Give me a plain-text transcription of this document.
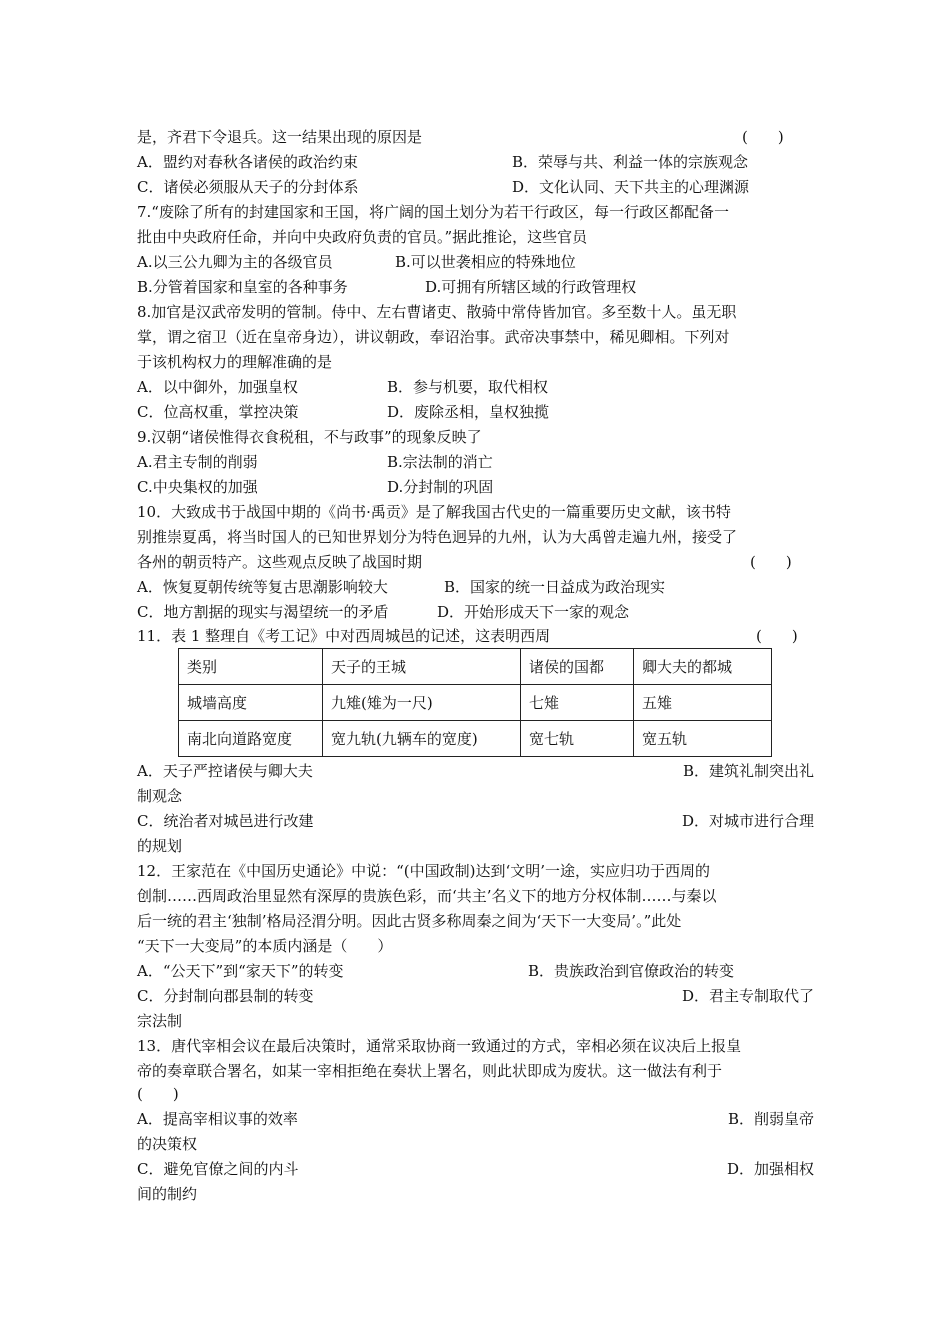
是，齐君下令退兵。这一结果出现的原因是	(　　)
A．盟约对春秋各诸侯的政治约束	B．荣辱与共、利益一体的宗族观念
C．诸侯必须服从天子的分封体系	D．文化认同、天下共主的心理渊源
7.“废除了所有的封建国家和王国，将广阔的国土划分为若干行政区，每一行政区都配备一
批由中央政府任命，并向中央政府负责的官员。”据此推论，这些官员
A.以三公九卿为主的各级官员	B.可以世袭相应的特殊地位
B.分管着国家和皇室的各种事务	D.可拥有所辖区域的行政管理权
8.加官是汉武帝发明的管制。侍中、左右曹诸吏、散骑中常侍皆加官。多至数十人。虽无职
掌，谓之宿卫（近在皇帝身边），讲议朝政，奉诏治事。武帝决事禁中，稀见卿相。下列对
于该机构权力的理解准确的是
A．以中御外，加强皇权	B．参与机要，取代相权
C．位高权重，掌控决策	D．废除丞相，皇权独揽
9.汉朝“诸侯惟得衣食税租，不与政事”的现象反映了
A.君主专制的削弱	B.宗法制的消亡
C.中央集权的加强	D.分封制的巩固
10．大致成书于战国中期的《尚书·禹贡》是了解我国古代史的一篇重要历史文献，该书特
别推崇夏禹，将当时国人的已知世界划分为特色迥异的九州，认为大禹曾走遍九州，接受了
各州的朝贡特产。这些观点反映了战国时期	(　　)
A．恢复夏朝传统等复古思潮影响较大	B．国家的统一日益成为政治现实
C．地方割据的现实与渴望统一的矛盾	D．开始形成天下一家的观念
11．表 1 整理自《考工记》中对西周城邑的记述，这表明西周	(　　)
类别	天子的王城	诸侯的国都	卿大夫的都城
城墙高度	九雉(雉为一尺)	七雉	五雉
南北向道路宽度	宽九轨(九辆车的宽度)	宽七轨	宽五轨
A．天子严控诸侯与卿大夫	B．建筑礼制突出礼
制观念
C．统治者对城邑进行改建	D．对城市进行合理
的规划
12．王家范在《中国历史通论》中说：“(中国政制)达到‘文明’一途，实应归功于西周的
创制……西周政治里显然有深厚的贵族色彩，而‘共主’名义下的地方分权体制……与秦以
后一统的君主‘独制’格局泾渭分明。因此古贤多称周秦之间为‘天下一大变局’。”此处
“天下一大变局”的本质内涵是（　　）
A．“公天下”到“家天下”的转变	B．贵族政治到官僚政治的转变
C．分封制向郡县制的转变	D．君主专制取代了
宗法制
13．唐代宰相会议在最后决策时，通常采取协商一致通过的方式，宰相必须在议决后上报皇
帝的奏章联合署名，如某一宰相拒绝在奏状上署名，则此状即成为废状。这一做法有利于
(　　)
A．提高宰相议事的效率	B．削弱皇帝
的决策权
C．避免官僚之间的内斗	D．加强相权
间的制约
